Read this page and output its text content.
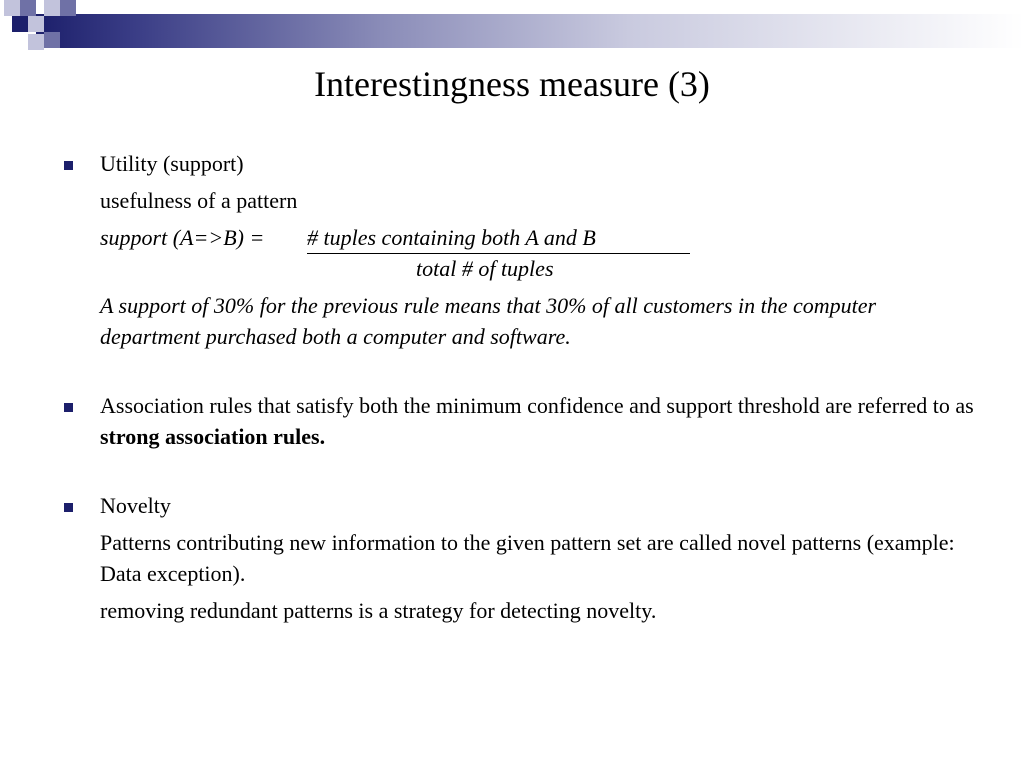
Interestingness measure (3)

Utility (support)

usefulness of a pattern

support (A=>B) = # tuples containing both A and B
total # of tuples

A support of 30% for the previous rule means that 30% of all customers in the computer department purchased both a computer and software.

Association rules that satisfy both the minimum confidence and support threshold are referred to as strong association rules.

Novelty

Patterns contributing new information to the given pattern set are called novel patterns (example: Data exception).

removing redundant patterns is a strategy for detecting novelty.
